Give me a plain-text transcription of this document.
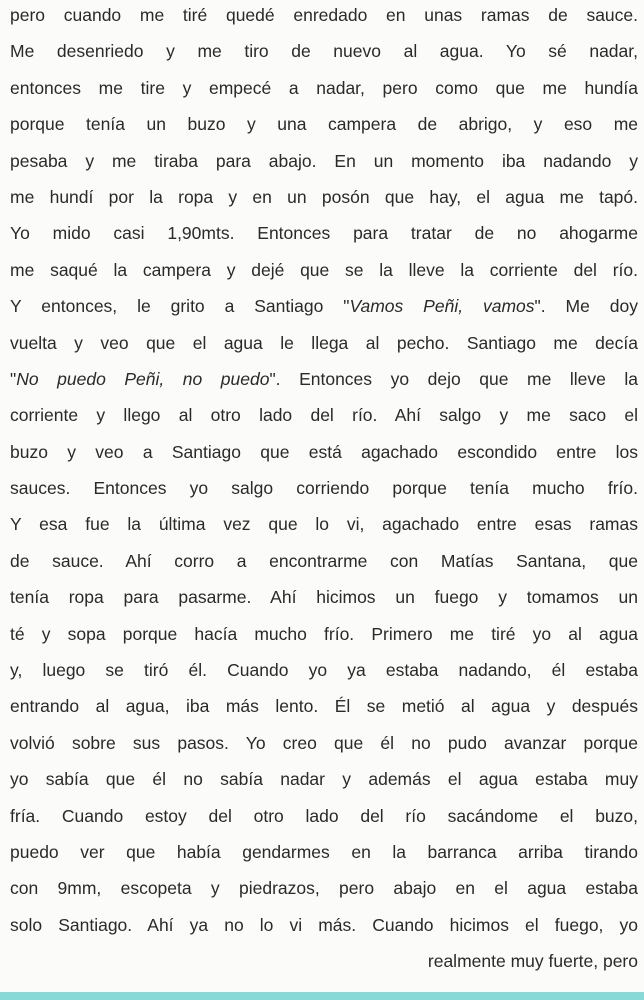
pero cuando me tiré quedé enredado en unas ramas de sauce.
Me desenriedo y me tiro de nuevo al agua. Yo sé nadar,
entonces me tire y empecé a nadar, pero como que me hundía
porque tenía un buzo y una campera de abrigo, y eso me
pesaba y me tiraba para abajo. En un momento iba nadando y
me hundí por la ropa y en un posón que hay, el agua me tapó.
Yo mido casi 1,90mts. Entonces para tratar de no ahogarme
me saqué la campera y dejé que se la lleve la corriente del río.
Y entonces, le grito a Santiago "Vamos Peñi, vamos". Me doy
vuelta y veo que el agua le llega al pecho. Santiago me decía
"No puedo Peñi, no puedo". Entonces yo dejo que me lleve la
corriente y llego al otro lado del río. Ahí salgo y me saco el
buzo y veo a Santiago que está agachado escondido entre los
sauces. Entonces yo salgo corriendo porque tenía mucho frío.
Y esa fue la última vez que lo vi, agachado entre esas ramas
de sauce. Ahí corro a encontrarme con Matías Santana, que
tenía ropa para pasarme. Ahí hicimos un fuego y tomamos un
té y sopa porque hacía mucho frío. Primero me tiré yo al agua
y, luego se tiró él. Cuando yo ya estaba nadando, él estaba
entrando al agua, iba más lento. Él se metió al agua y después
volvió sobre sus pasos. Yo creo que él no pudo avanzar porque
yo sabía que él no sabía nadar y además el agua estaba muy
fría. Cuando estoy del otro lado del río sacándome el buzo,
puedo ver que había gendarmes en la barranca arriba tirando
con 9mm, escopeta y piedrazos, pero abajo en el agua estaba
solo Santiago. Ahí ya no lo vi más. Cuando hicimos el fuego, yo
realmente muy fuerte, pero
